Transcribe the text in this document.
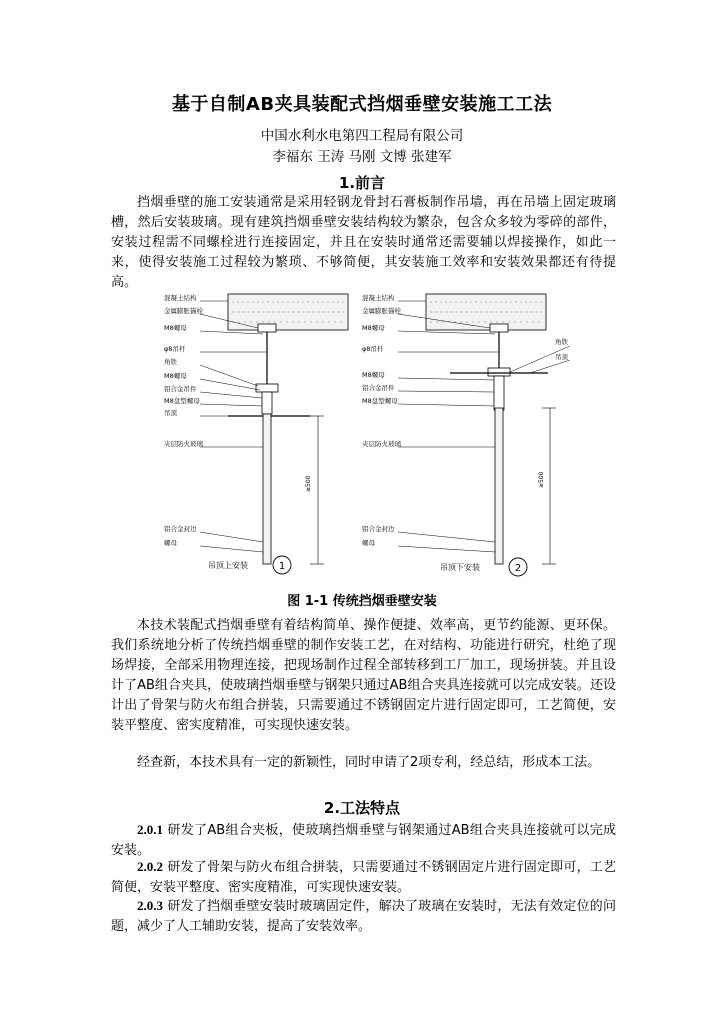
基于自制AB夹具装配式挡烟垂壁安装施工工法
中国水利水电第四工程局有限公司
李福东 王涛 马刚 文博 张建军
1.前言

挡烟垂壁的施工安装通常是采用轻钢龙骨封石膏板制作吊墙，再在吊墙上固定玻璃槽，然后安装玻璃。现有建筑挡烟垂壁安装结构较为繁杂，包含众多较为零碎的部件，安装过程需不同螺栓进行连接固定，并且在安装时通常还需要辅以焊接操作，如此一来，使得安装施工过程较为繁琐、不够简便，其安装施工效率和安装效果都还有待提高。

≥500
混凝土结构
金属膨胀锚栓
M8螺母
φ8吊杆
角铁
M8螺母
铝合金吊件
M8盘型螺母
吊顶
夹层防火玻璃
铝合金封边
螺母
吊顶上安装	1
≥500
混凝土结构
金属膨胀锚栓
M8螺母
φ8吊杆
角铁
吊顶
M8螺母
铝合金吊件
M8盘型螺母
夹层防火玻璃
铝合金封边
螺母
吊顶下安装	2
图 1-1 传统挡烟垂壁安装

本技术装配式挡烟垂壁有着结构简单、操作便捷、效率高，更节约能源、更环保。我们系统地分析了传统挡烟垂壁的制作安装工艺，在对结构、功能进行研究，杜绝了现场焊接，全部采用物理连接，把现场制作过程全部转移到工厂加工，现场拼装。并且设计了AB组合夹具，使玻璃挡烟垂壁与钢架只通过AB组合夹具连接就可以完成安装。还设计出了骨架与防火布组合拼装，只需要通过不锈钢固定片进行固定即可，工艺简便，安装平整度、密实度精准，可实现快速安装。

经查新，本技术具有一定的新颖性，同时申请了2项专利，经总结，形成本工法。

2.工法特点

2.0.1 研发了AB组合夹板，使玻璃挡烟垂壁与钢架通过AB组合夹具连接就可以完成安装。

2.0.2 研发了骨架与防火布组合拼装，只需要通过不锈钢固定片进行固定即可，工艺简便，安装平整度、密实度精准，可实现快速安装。

2.0.3 研发了挡烟垂壁安装时玻璃固定件，解决了玻璃在安装时，无法有效定位的问题，减少了人工辅助安装，提高了安装效率。
